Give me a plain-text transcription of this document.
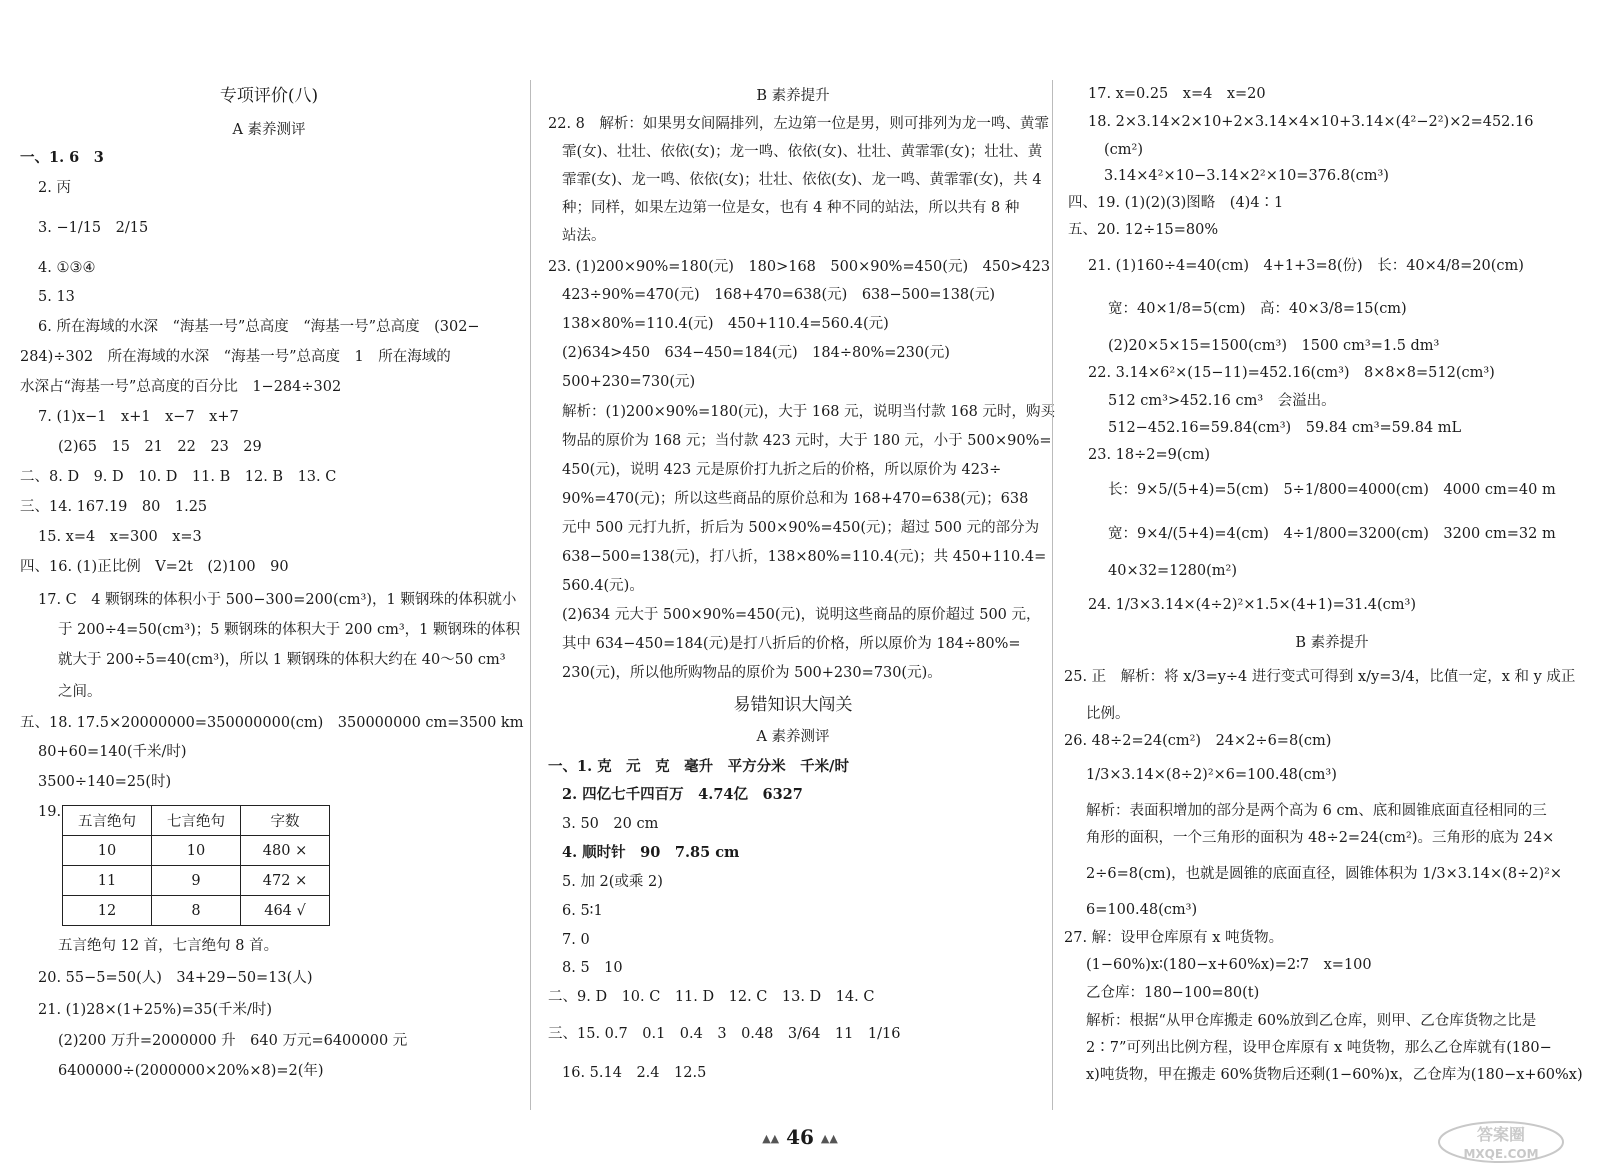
专项评价(八)
A 素养测评
一、1. 6　3
2. 丙
3. −1/15　2/15
4. ①③④
5. 13
6. 所在海域的水深　“海基一号”总高度　“海基一号”总高度　(302−
284)÷302　所在海域的水深　“海基一号”总高度　1　所在海域的
水深占“海基一号”总高度的百分比　1−284÷302
7. (1)x−1　x+1　x−7　x+7
(2)65　15　21　22　23　29
二、8. D　9. D　10. D　11. B　12. B　13. C
三、14. 167.19　80　1.25
15. x=4　x=300　x=3
四、16. (1)正比例　V=2t　(2)100　90
17. C　4 颗钢珠的体积小于 500−300=200(cm³)，1 颗钢珠的体积就小
于 200÷4=50(cm³)；5 颗钢珠的体积大于 200 cm³，1 颗钢珠的体积
就大于 200÷5=40(cm³)，所以 1 颗钢珠的体积大约在 40～50 cm³
之间。
五、18. 17.5×20000000=350000000(cm)　350000000 cm=3500 km
80+60=140(千米/时)
3500÷140=25(时)
19.
五言绝句	七言绝句	字数
10	10	480 ×
11	9	472 ×
12	8	464 √
五言绝句 12 首，七言绝句 8 首。
20. 55−5=50(人)　34+29−50=13(人)
21. (1)28×(1+25%)=35(千米/时)
(2)200 万升=2000000 升　640 万元=6400000 元
6400000÷(2000000×20%×8)=2(年)
B 素养提升
22. 8　解析：如果男女间隔排列，左边第一位是男，则可排列为龙一鸣、黄霏
霏(女)、壮壮、依依(女)；龙一鸣、依依(女)、壮壮、黄霏霏(女)；壮壮、黄
霏霏(女)、龙一鸣、依依(女)；壮壮、依依(女)、龙一鸣、黄霏霏(女)，共 4
种；同样，如果左边第一位是女，也有 4 种不同的站法，所以共有 8 种
站法。
23. (1)200×90%=180(元)　180>168　500×90%=450(元)　450>423
423÷90%=470(元)　168+470=638(元)　638−500=138(元)
138×80%=110.4(元)　450+110.4=560.4(元)
(2)634>450　634−450=184(元)　184÷80%=230(元)
500+230=730(元)
解析：(1)200×90%=180(元)，大于 168 元，说明当付款 168 元时，购买
物品的原价为 168 元；当付款 423 元时，大于 180 元，小于 500×90%=
450(元)，说明 423 元是原价打九折之后的价格，所以原价为 423÷
90%=470(元)；所以这些商品的原价总和为 168+470=638(元)；638
元中 500 元打九折，折后为 500×90%=450(元)；超过 500 元的部分为
638−500=138(元)，打八折，138×80%=110.4(元)；共 450+110.4=
560.4(元)。
(2)634 元大于 500×90%=450(元)，说明这些商品的原价超过 500 元，
其中 634−450=184(元)是打八折后的价格，所以原价为 184÷80%=
230(元)，所以他所购物品的原价为 500+230=730(元)。
易错知识大闯关
A 素养测评
一、1. 克　元　克　毫升　平方分米　千米/时
2. 四亿七千四百万　4.74亿　6327
3. 50　20 cm
4. 顺时针　90　7.85 cm
5. 加 2(或乘 2)
6. 5∶1
7. 0
8. 5　10
二、9. D　10. C　11. D　12. C　13. D　14. C
三、15. 0.7　0.1　0.4　3　0.48　3/64　11　1/16
16. 5.14　2.4　12.5
17. x=0.25　x=4　x=20
18. 2×3.14×2×10+2×3.14×4×10+3.14×(4²−2²)×2=452.16
(cm²)
3.14×4²×10−3.14×2²×10=376.8(cm³)
四、19. (1)(2)(3)图略　(4)4∶1
五、20. 12÷15=80%
21. (1)160÷4=40(cm)　4+1+3=8(份)　长：40×4/8=20(cm)
宽：40×1/8=5(cm)　高：40×3/8=15(cm)
(2)20×5×15=1500(cm³)　1500 cm³=1.5 dm³
22. 3.14×6²×(15−11)=452.16(cm³)　8×8×8=512(cm³)
512 cm³>452.16 cm³　会溢出。
512−452.16=59.84(cm³)　59.84 cm³=59.84 mL
23. 18÷2=9(cm)
长：9×5/(5+4)=5(cm)　5÷1/800=4000(cm)　4000 cm=40 m
宽：9×4/(5+4)=4(cm)　4÷1/800=3200(cm)　3200 cm=32 m
40×32=1280(m²)
24. 1/3×3.14×(4÷2)²×1.5×(4+1)=31.4(cm³)
B 素养提升
25. 正　解析：将 x/3=y÷4 进行变式可得到 x/y=3/4，比值一定，x 和 y 成正
比例。
26. 48÷2=24(cm²)　24×2÷6=8(cm)
1/3×3.14×(8÷2)²×6=100.48(cm³)
解析：表面积增加的部分是两个高为 6 cm、底和圆锥底面直径相同的三
角形的面积，一个三角形的面积为 48÷2=24(cm²)。三角形的底为 24×
2÷6=8(cm)，也就是圆锥的底面直径，圆锥体积为 1/3×3.14×(8÷2)²×
6=100.48(cm³)
27. 解：设甲仓库原有 x 吨货物。
(1−60%)x∶(180−x+60%x)=2∶7　x=100
乙仓库：180−100=80(t)
解析：根据“从甲仓库搬走 60%放到乙仓库，则甲、乙仓库货物之比是
2∶7”可列出比例方程，设甲仓库原有 x 吨货物，那么乙仓库就有(180−
x)吨货物，甲在搬走 60%货物后还剩(1−60%)x，乙仓库为(180−x+60%x)
▲▲ 46 ▲▲	答案圈
MXQE.COM
